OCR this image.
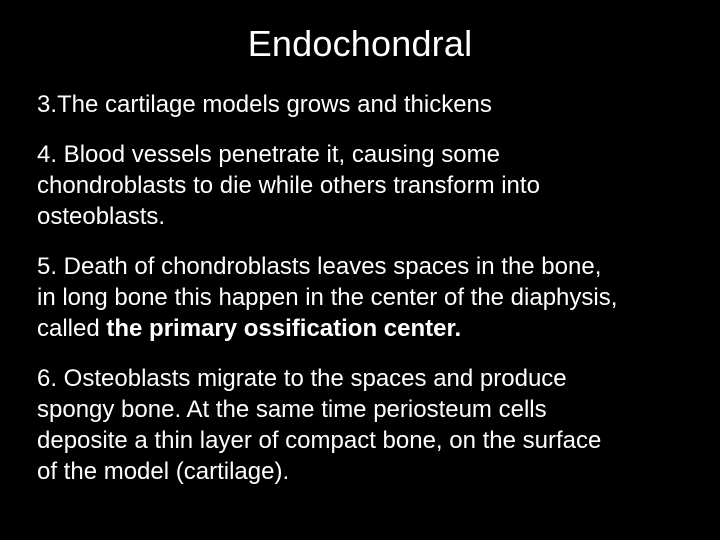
Endochondral

3.The cartilage models grows and thickens

4. Blood vessels penetrate it, causing some
chondroblasts to die while others transform into
osteoblasts.

5. Death of chondroblasts leaves spaces in the bone,
in long bone this happen in the center of the diaphysis,
called the primary ossification center.

6. Osteoblasts migrate to the spaces and produce
spongy bone. At the same time periosteum cells
deposite a thin layer of compact bone, on the surface
of the model (cartilage).
